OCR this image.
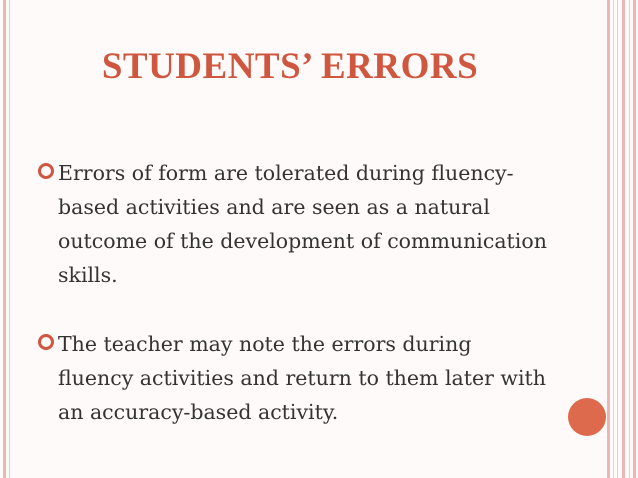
STUDENTS’ ERRORS
Errors of form are tolerated during fluency-based activities and are seen as a natural outcome of the development of communication skills.
The teacher may note the errors during fluency activities and return to them later with an accuracy-based activity.
